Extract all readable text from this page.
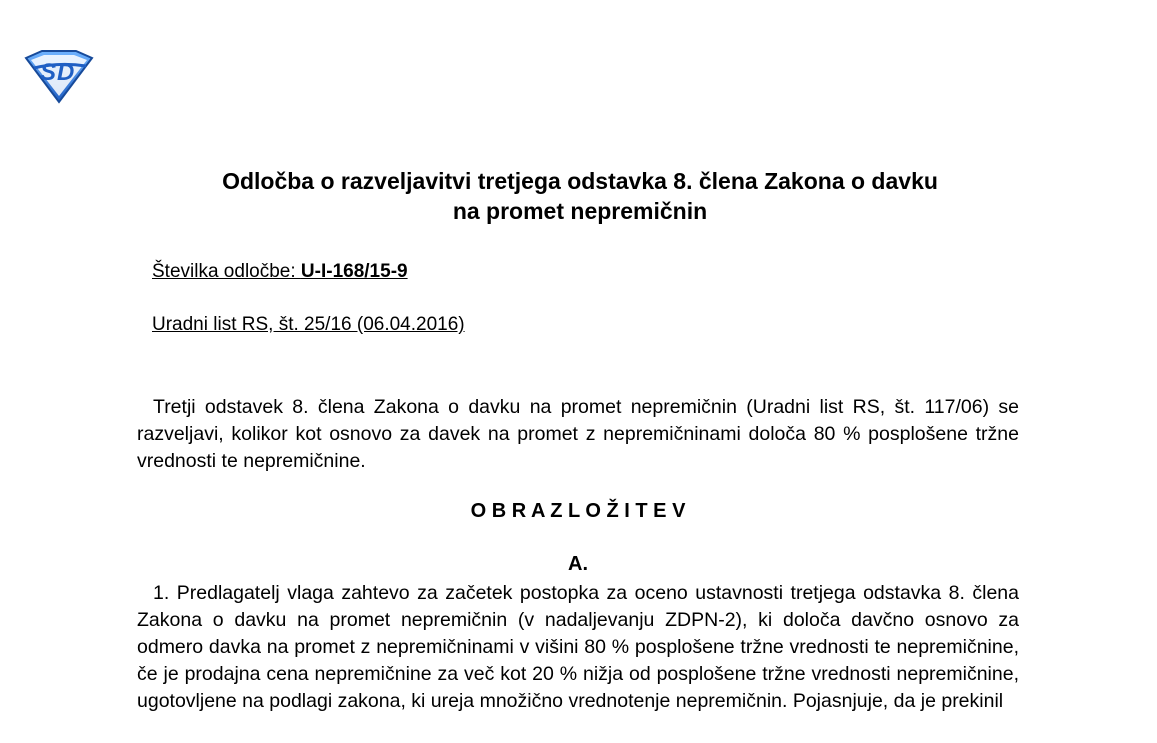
S D
Odločba o razveljavitvi tretjega odstavka 8. člena Zakona o davku
na promet nepremičnin
Številka odločbe: U-I-168/15-9
Uradni list RS, št. 25/16 (06.04.2016)

Tretji odstavek 8. člena Zakona o davku na promet nepremičnin (Uradni list RS, št. 117/06) se razveljavi, kolikor kot osnovo za davek na promet z nepremičninami določa 80 % posplošene tržne vrednosti te nepremičnine.

O B R A Z L O Ž I T E V
A.

1. Predlagatelj vlaga zahtevo za začetek postopka za oceno ustavnosti tretjega odstavka 8. člena Zakona o davku na promet nepremičnin (v nadaljevanju ZDPN-2), ki določa davčno osnovo za odmero davka na promet z nepremičninami v višini 80 % posplošene tržne vrednosti te nepremičnine, če je prodajna cena nepremičnine za več kot 20 % nižja od posplošene tržne vrednosti nepremičnine, ugotovljene na podlagi zakona, ki ureja množično vrednotenje nepremičnin. Pojasnjuje, da je prekinil
